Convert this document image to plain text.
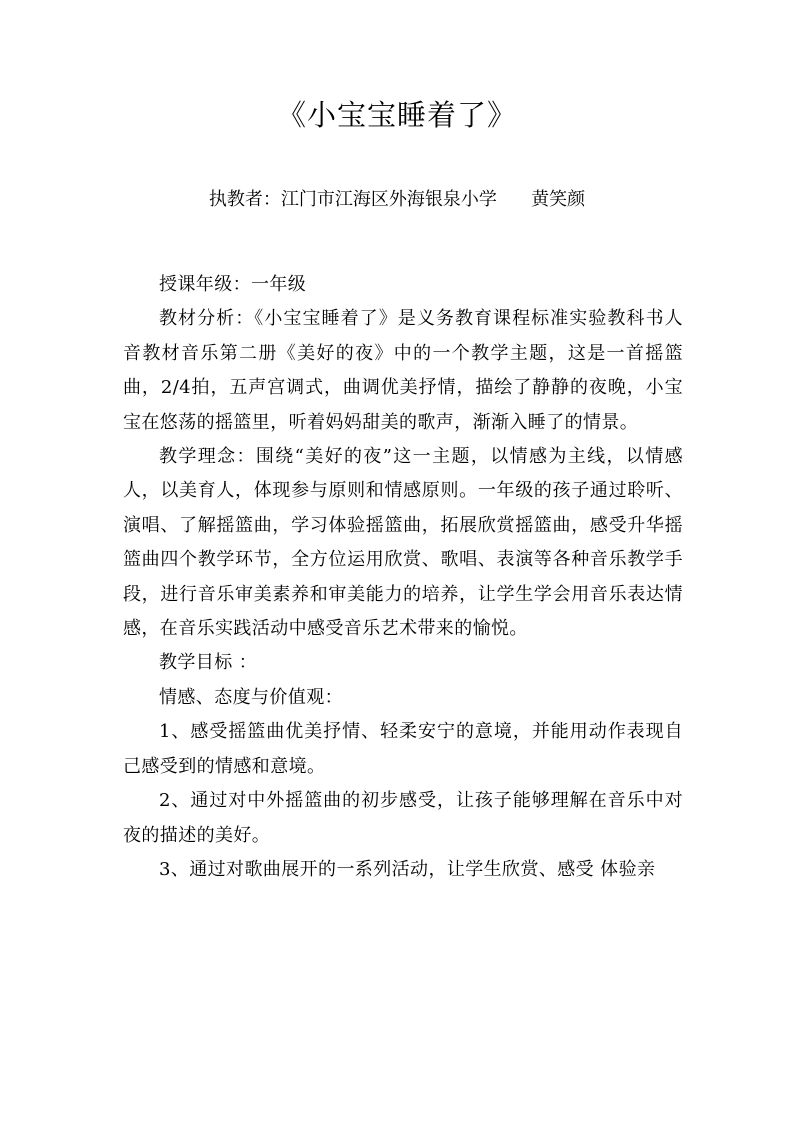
《小宝宝睡着了》
执教者：江门市江海区外海银泉小学      黄笑颜

授课年级：一年级

教材分析：《小宝宝睡着了》是义务教育课程标准实验教科书人音教材音乐第二册《美好的夜》中的一个教学主题，这是一首摇篮曲，2/4拍，五声宫调式，曲调优美抒情，描绘了静静的夜晚，小宝宝在悠荡的摇篮里，听着妈妈甜美的歌声，渐渐入睡了的情景。

教学理念：围绕“美好的夜”这一主题，以情感为主线，以情感人，以美育人，体现参与原则和情感原则。一年级的孩子通过聆听、演唱、了解摇篮曲，学习体验摇篮曲，拓展欣赏摇篮曲，感受升华摇篮曲四个教学环节，全方位运用欣赏、歌唱、表演等各种音乐教学手段，进行音乐审美素养和审美能力的培养，让学生学会用音乐表达情感，在音乐实践活动中感受音乐艺术带来的愉悦。

教学目标 ：

情感、态度与价值观：

1、感受摇篮曲优美抒情、轻柔安宁的意境，并能用动作表现自己感受到的情感和意境。

2、通过对中外摇篮曲的初步感受，让孩子能够理解在音乐中对夜的描述的美好。

3、通过对歌曲展开的一系列活动，让学生欣赏、感受 体验亲
